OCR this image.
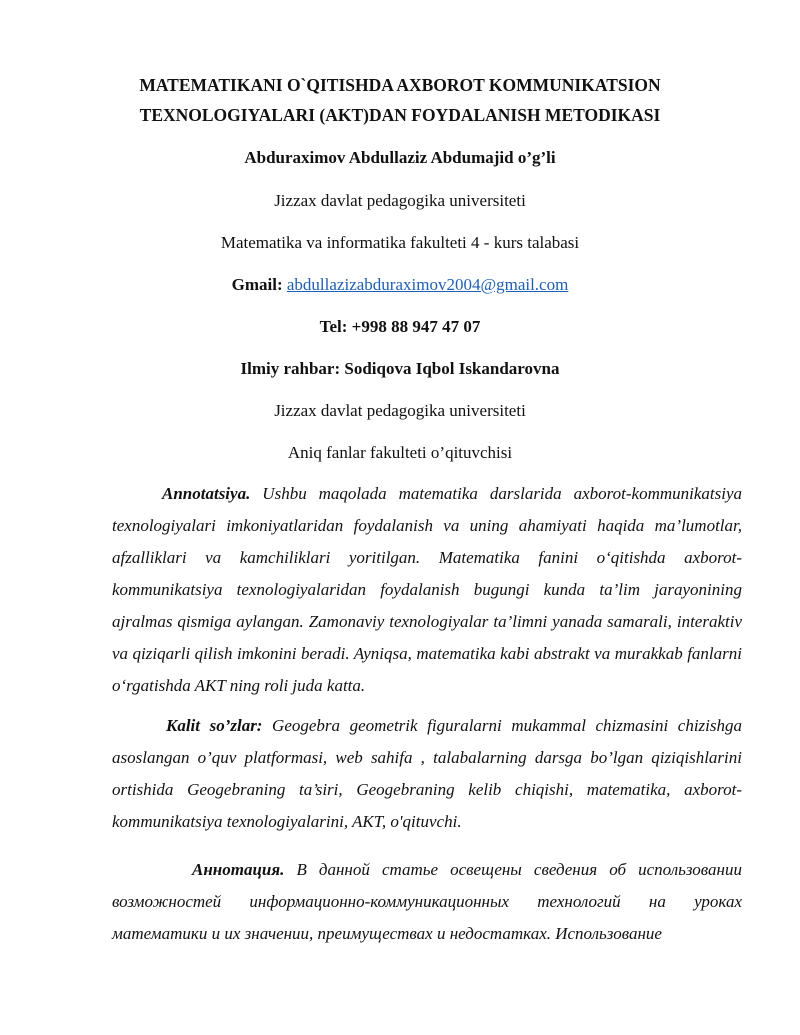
MATEMATIKANI O`QITISHDA AXBOROT KOMMUNIKATSION
TEXNOLOGIYALARI (AKT)DAN FOYDALANISH METODIKASI
Abduraximov Abdullaziz Abdumajid o’g’li
Jizzax davlat pedagogika universiteti
Matematika va informatika fakulteti 4 - kurs talabasi
Gmail: abdullazizabduraximov2004@gmail.com
Tel: +998 88 947 47 07
Ilmiy rahbar: Sodiqova Iqbol Iskandarovna
Jizzax davlat pedagogika universiteti
Aniq fanlar fakulteti o’qituvchisi

Annotatsiya. Ushbu maqolada matematika darslarida axborot-kommunikatsiya texnologiyalari imkoniyatlaridan foydalanish va uning ahamiyati haqida ma’lumotlar, afzalliklari va kamchiliklari yoritilgan. Matematika fanini o‘qitishda axborot-kommunikatsiya texnologiyalaridan foydalanish bugungi kunda ta’lim jarayonining ajralmas qismiga aylangan. Zamonaviy texnologiyalar ta’limni yanada samarali, interaktiv va qiziqarli qilish imkonini beradi. Ayniqsa, matematika kabi abstrakt va murakkab fanlarni o‘rgatishda AKT ning roli juda katta.

Kalit so’zlar: Geogebra geometrik figuralarni mukammal chizmasini chizishga asoslangan o’quv platformasi, web sahifa , talabalarning darsga bo’lgan qiziqishlarini ortishida Geogebraning ta’siri, Geogebraning kelib chiqishi, matematika, axborot-kommunikatsiya texnologiyalarini, AKT, o'qituvchi.

Аннотация. В данной статье освещены сведения об использовании возможностей информационно-коммуникационных технологий на уроках математики и их значении, преимуществах и недостатках. Использование
